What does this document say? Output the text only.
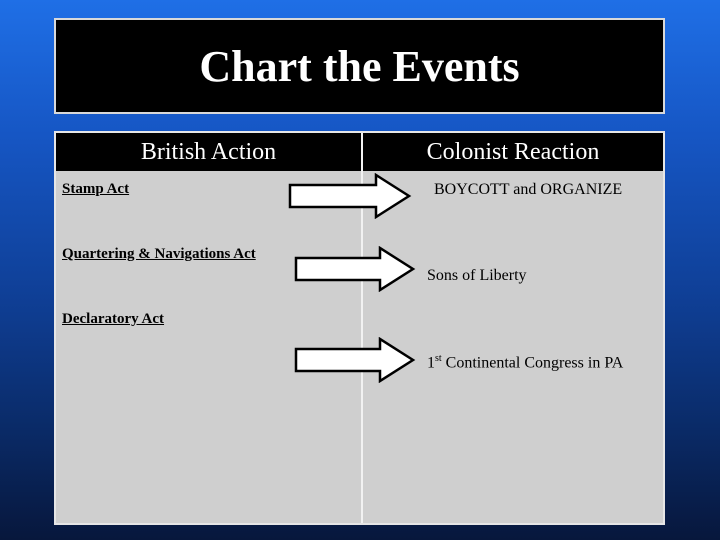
Chart the Events
British Action	Colonist Reaction
Stamp Act
Quartering & Navigations Act
Declaratory Act
BOYCOTT and ORGANIZE
Sons of Liberty
1st Continental Congress in PA
